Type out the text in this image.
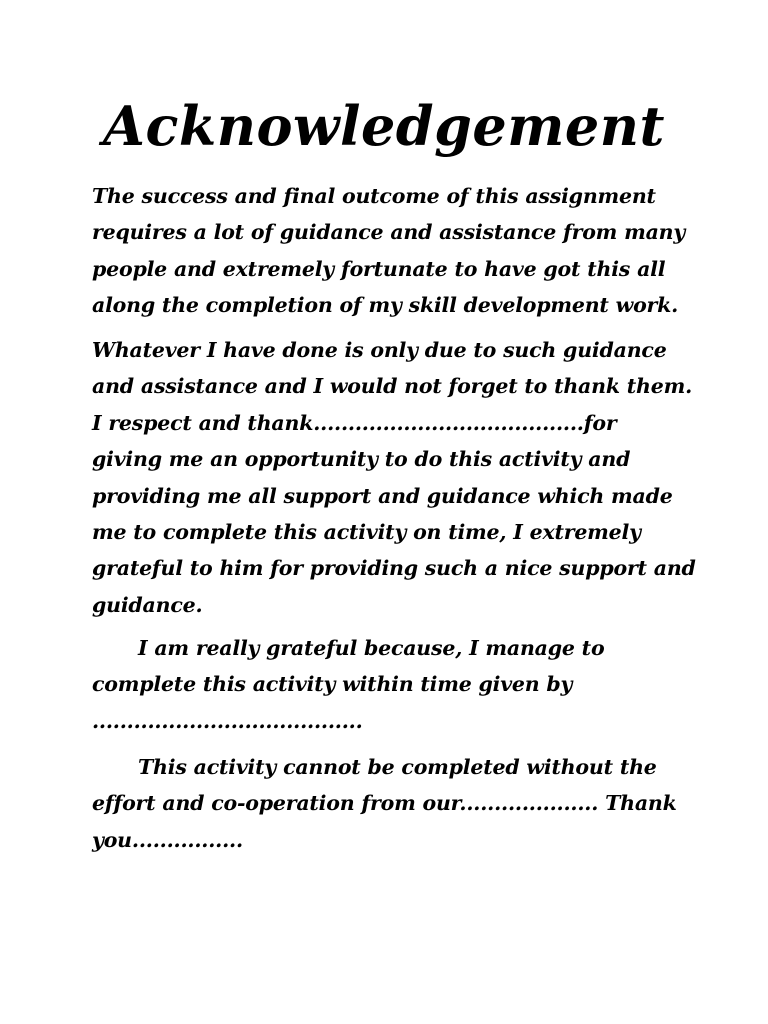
Acknowledgement

The success and final outcome of this assignment
requires a lot of guidance and assistance from many
people and extremely fortunate to have got this all
along the completion of my skill development work.

Whatever I have done is only due to such guidance
and assistance and I would not forget to thank them.
I respect and thank.......................................for
giving me an opportunity to do this activity and
providing me all support and guidance which made
me to complete this activity on time, I extremely
grateful to him for providing such a nice support and
guidance.

I am really grateful because, I manage to
complete this activity within time given by
.......................................

This activity cannot be completed without the
effort and co-operation from our.................... Thank
you................
